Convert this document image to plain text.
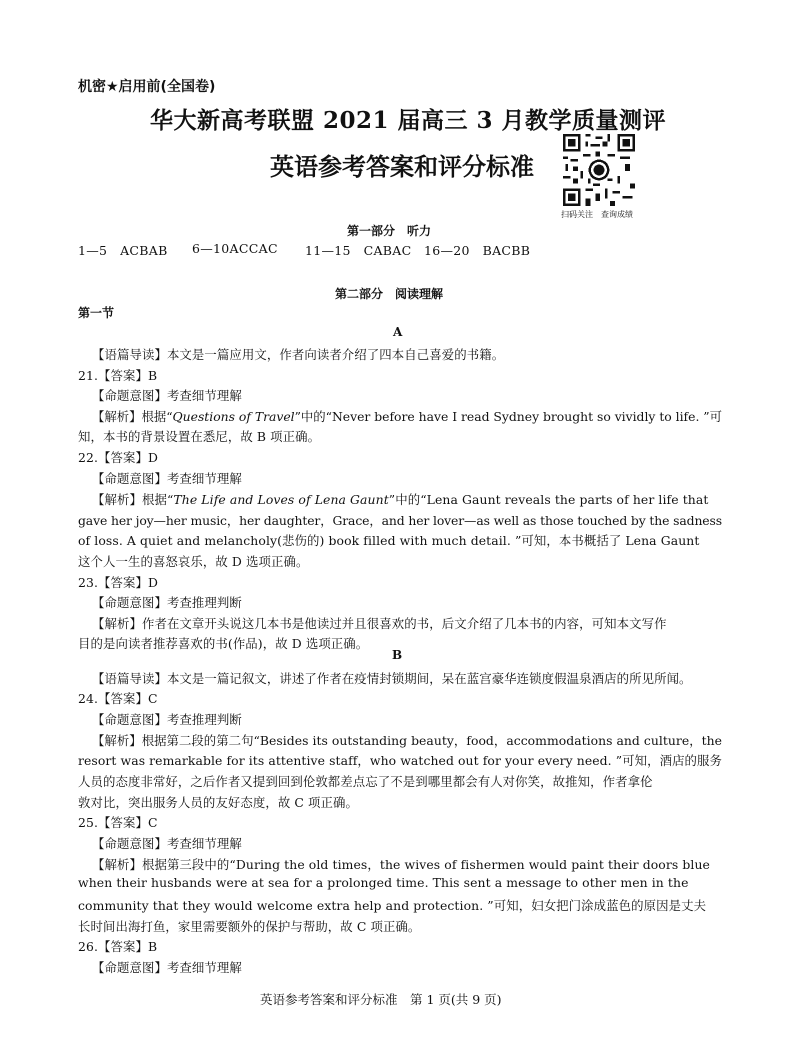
机密★启用前(全国卷)
华大新高考联盟 2021 届高三 3 月教学质量测评
英语参考答案和评分标准
扫码关注　查询成绩
第一部分　听力
1—5　ACBAB 6—10ACCAC 11—15　CABAC 16—20　BACBB
第二部分　阅读理解
第一节
A
【语篇导读】本文是一篇应用文，作者向读者介绍了四本自己喜爱的书籍。
21.【答案】B
【命题意图】考查细节理解
【解析】根据“Questions of Travel”中的“Never before have I read Sydney brought so vividly to life. ”可
知，本书的背景设置在悉尼，故 B 项正确。
22.【答案】D
【命题意图】考查细节理解
【解析】根据“The Life and Loves of Lena Gaunt”中的“Lena Gaunt reveals the parts of her life that
gave her joy—her music，her daughter，Grace，and her lover—as well as those touched by the sadness
of loss. A quiet and melancholy(悲伤的) book filled with much detail. ”可知，本书概括了 Lena Gaunt
这个人一生的喜怒哀乐，故 D 选项正确。
23.【答案】D
【命题意图】考查推理判断
【解析】作者在文章开头说这几本书是他读过并且很喜欢的书，后文介绍了几本书的内容，可知本文写作
目的是向读者推荐喜欢的书(作品)，故 D 选项正确。
B
【语篇导读】本文是一篇记叙文，讲述了作者在疫情封锁期间，呆在蓝宫豪华连锁度假温泉酒店的所见所闻。
24.【答案】C
【命题意图】考查推理判断
【解析】根据第二段的第二句“Besides its outstanding beauty，food，accommodations and culture，the
resort was remarkable for its attentive staff，who watched out for your every need. ”可知，酒店的服务
人员的态度非常好，之后作者又提到回到伦敦都差点忘了不是到哪里都会有人对你笑，故推知，作者拿伦
敦对比，突出服务人员的友好态度，故 C 项正确。
25.【答案】C
【命题意图】考查细节理解
【解析】根据第三段中的“During the old times，the wives of fishermen would paint their doors blue
when their husbands were at sea for a prolonged time. This sent a message to other men in the
community that they would welcome extra help and protection. ”可知，妇女把门涂成蓝色的原因是丈夫
长时间出海打鱼，家里需要额外的保护与帮助，故 C 项正确。
26.【答案】B
【命题意图】考查细节理解
英语参考答案和评分标准　第 1 页(共 9 页)
